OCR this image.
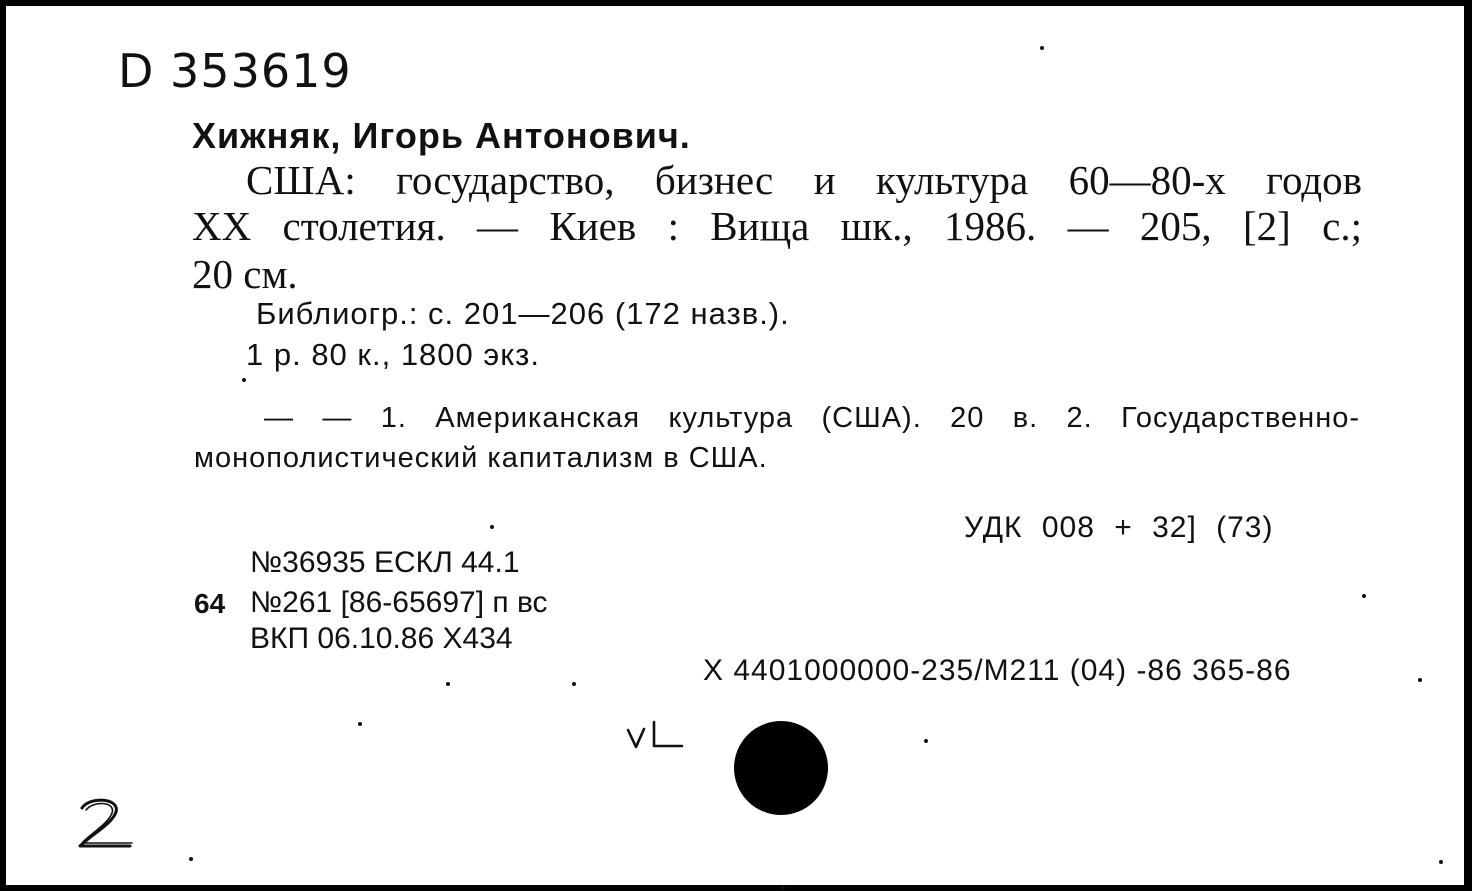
D 353619
Хижняк, Игорь Антонович.
США: государство, бизнес и культура 60—80-х годов
XX столетия. — Киев : Вища шк., 1986. — 205, [2] с.;
20 см.
Библиогр.: с. 201—206 (172 назв.).
1 р. 80 к., 1800 экз.
— — 1. Американская культура (США). 20 в. 2. Государственно-
монополистический капитализм в США.
УДК 008 + 32] (73)
№36935 ЕСКЛ 44.1
64 №261 [86-65697] п вс
ВКП 06.10.86 Х434
X 4401000000-235/M211 (04) -86 365-86
